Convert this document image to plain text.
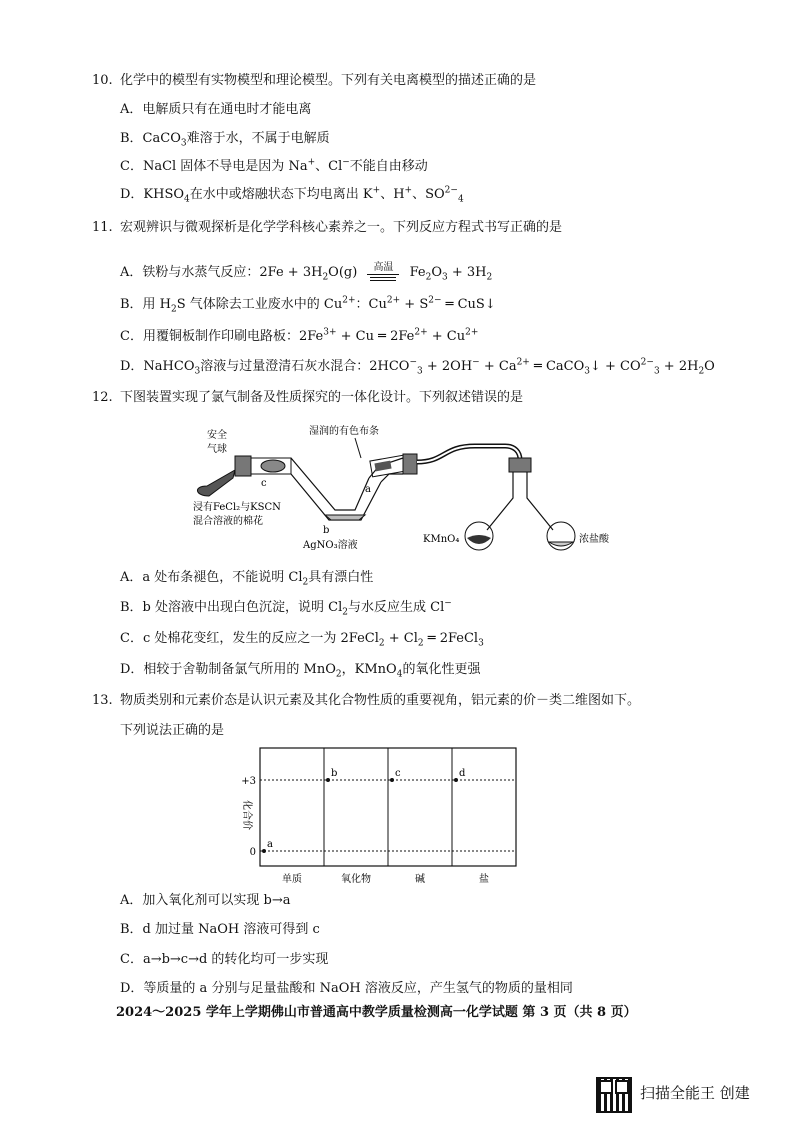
10. 化学中的模型有实物模型和理论模型。下列有关电离模型的描述正确的是
A．电解质只有在通电时才能电离
B．CaCO$_3$难溶于水，不属于电解质
C．NaCl 固体不导电是因为 Na+、Cl−不能自由移动
D．$KHSO_4$在水中或熔融状态下均电离出 K+、H+、$SO^{2-}_4$
11. 宏观辨识与微观探析是化学学科核心素养之一。下列反应方程式书写正确的是
A．铁粉与水蒸气反应：$2Fe + 3H_2O(g)$	高温	$Fe_2O_3 + 3H_2$
B．用 $H_2S$ 气体除去工业废水中的 $Cu^{2+}$：$Cu^{2+} + S^{2-}$ ═ CuS↓
C．用覆铜板制作印刷电路板：$2Fe^{3+} + Cu$ ═ $2Fe^{2+} + Cu^{2+}$
D．NaHCO$_3$溶液与过量澄清石灰水混合：$2HCO^-_3 + 2OH^- + Ca^{2+}$ ═ CaCO$_3$↓ + $CO^{2-}_3 + 2H_2O$
12. 下图装置实现了氯气制备及性质探究的一体化设计。下列叙述错误的是
安全
气球
湿润的有色布条
c
a
b
浸有FeCl₂与KSCN
混合溶液的棉花
AgNO₃溶液
KMnO₄	浓盐酸
A．a 处布条褪色，不能说明 $Cl_2$具有漂白性
B．b 处溶液中出现白色沉淀，说明 $Cl_2$与水反应生成 Cl−
C．c 处棉花变红，发生的反应之一为 2FeCl$_2$ + $Cl_2$ ═ 2FeCl$_3$
D．相较于舍勒制备氯气所用的 MnO$_2$，KMnO$_4$的氧化性更强
13. 物质类别和元素价态是认识元素及其化合物性质的重要视角，铝元素的价－类二维图如下。
下列说法正确的是
a
b	c	d
单质	氧化物	碱	盐
+3
0
化合价
A．加入氧化剂可以实现 b→a
B．d 加过量 NaOH 溶液可得到 c
C．a→b→c→d 的转化均可一步实现
D．等质量的 a 分别与足量盐酸和 NaOH 溶液反应，产生氢气的物质的量相同
2024～2025 学年上学期佛山市普通高中教学质量检测高一化学试题 第 3 页（共 8 页）
扫描全能王 创建
